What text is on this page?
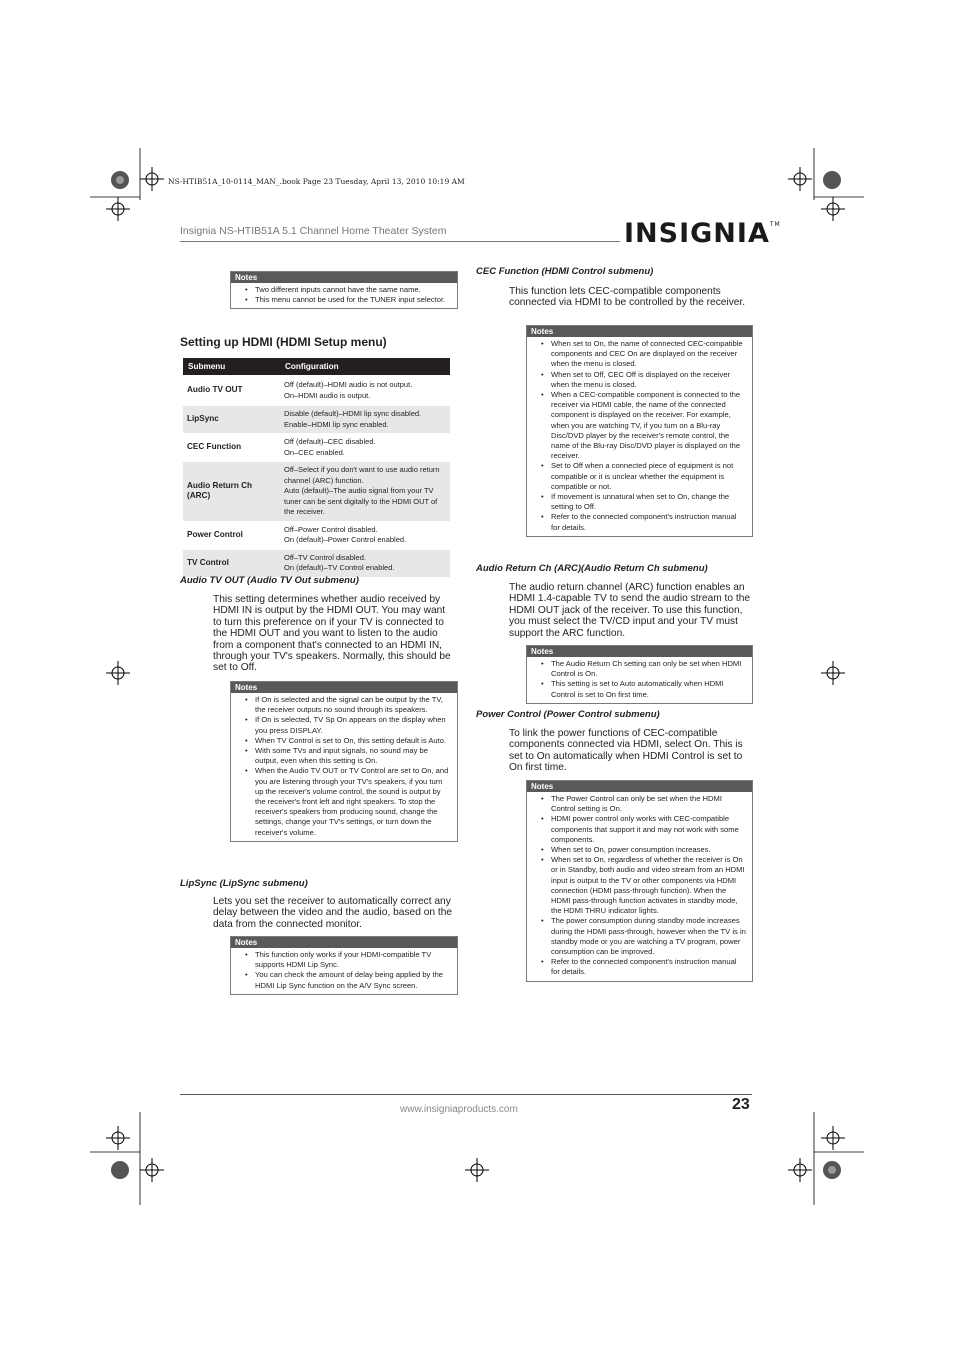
NS-HTIB51A_10-0114_MAN_.book Page 23 Tuesday, April 13, 2010 10:19 AM
Insignia NS-HTIB51A 5.1 Channel Home Theater System	INSIGNIA™
Notes
• Two different inputs cannot have the same name.
• This menu cannot be used for the TUNER input selector.
Setting up HDMI (HDMI Setup menu)
Submenu	Configuration
Audio TV OUT	Off (default)–HDMI audio is not output.
On–HDMI audio is output.

LipSync	Disable (default)–HDMI lip sync disabled.
Enable–HDMI lip sync enabled.

CEC Function	Off (default)–CEC disabled.
On–CEC enabled.

Audio Return Ch (ARC)	Off–Select if you don't want to use audio return channel (ARC) function.
Auto (default)–The audio signal from your TV tuner can be sent digitally to the HDMI OUT of the receiver.

Power Control	Off–Power Control disabled.
On (default)–Power Control enabled.

TV Control	Off–TV Control disabled.
On (default)–TV Control enabled.
Audio TV OUT (Audio TV Out submenu)
This setting determines whether audio received by HDMI IN is output by the HDMI OUT. You may want to turn this preference on if your TV is connected to the HDMI OUT and you want to listen to the audio from a component that's connected to an HDMI IN, through your TV's speakers. Normally, this should be set to Off.
Notes
• If On is selected and the signal can be output by the TV, the receiver outputs no sound through its speakers.
• If On is selected, TV Sp On appears on the display when you press DISPLAY.
• When TV Control is set to On, this setting default is Auto.
• With some TVs and input signals, no sound may be output, even when this setting is On.
• When the Audio TV OUT or TV Control are set to On, and you are listening through your TV's speakers, if you turn up the receiver's volume control, the sound is output by the receiver's front left and right speakers. To stop the receiver's speakers from producing sound, change the settings, change your TV's settings, or turn down the receiver's volume.
LipSync (LipSync submenu)
Lets you set the receiver to automatically correct any delay between the video and the audio, based on the data from the connected monitor.
Notes
• This function only works if your HDMI-compatible TV supports HDMI Lip Sync.
• You can check the amount of delay being applied by the HDMI Lip Sync function on the A/V Sync screen.
CEC Function (HDMI Control submenu)
This function lets CEC-compatible components connected via HDMI to be controlled by the receiver.
Notes
• When set to On, the name of connected CEC-compatible components and CEC On are displayed on the receiver when the menu is closed.
• When set to Off, CEC Off is displayed on the receiver when the menu is closed.
• When a CEC-compatible component is connected to the receiver via HDMI cable, the name of the connected component is displayed on the receiver. For example, when you are watching TV, if you turn on a Blu-ray Disc/DVD player by the receiver's remote control, the name of the Blu-ray Disc/DVD player is displayed on the receiver.
• Set to Off when a connected piece of equipment is not compatible or it is unclear whether the equipment is compatible or not.
• If movement is unnatural when set to On, change the setting to Off.
• Refer to the connected component's instruction manual for details.
Audio Return Ch (ARC)(Audio Return Ch submenu)
The audio return channel (ARC) function enables an HDMI 1.4-capable TV to send the audio stream to the HDMI OUT jack of the receiver. To use this function, you must select the TV/CD input and your TV must support the ARC function.
Notes
• The Audio Return Ch setting can only be set when HDMI Control is On.
• This setting is set to Auto automatically when HDMI Control is set to On first time.
Power Control (Power Control submenu)
To link the power functions of CEC-compatible components connected via HDMI, select On. This is set to On automatically when HDMI Control is set to On first time.
Notes
• The Power Control can only be set when the HDMI Control setting is On.
• HDMI power control only works with CEC-compatible components that support it and may not work with some components.
• When set to On, power consumption increases.
• When set to On, regardless of whether the receiver is On or in Standby, both audio and video stream from an HDMI input is output to the TV or other components via HDMI connection (HDMI pass-through function). When the HDMI pass-through function activates in standby mode, the HDMI THRU indicator lights.
• The power consumption during standby mode increases during the HDMI pass-through, however when the TV is in standby mode or you are watching a TV program, power consumption can be improved.
• Refer to the connected component's instruction manual for details.
www.insigniaproducts.com	23
